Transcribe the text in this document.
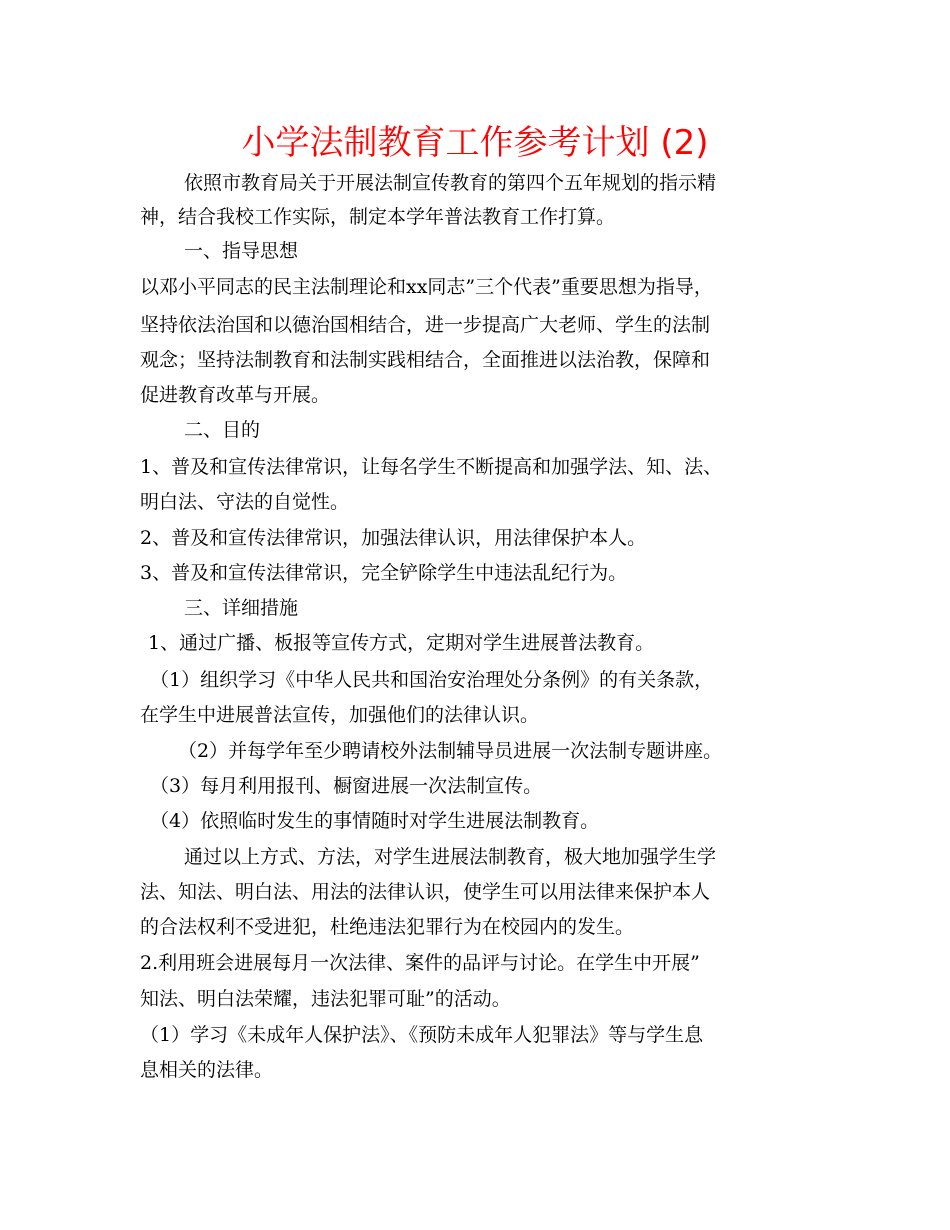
小学法制教育工作参考计划 (2)
依照市教育局关于开展法制宣传教育的第四个五年规划的指示精
神，结合我校工作实际，制定本学年普法教育工作打算。
一、指导思想
以邓小平同志的民主法制理论和xx同志”三个代表”重要思想为指导，
坚持依法治国和以德治国相结合，进一步提高广大老师、学生的法制
观念；坚持法制教育和法制实践相结合，全面推进以法治教，保障和
促进教育改革与开展。
二、目的
1、普及和宣传法律常识，让每名学生不断提高和加强学法、知、法、
明白法、守法的自觉性。
2、普及和宣传法律常识，加强法律认识，用法律保护本人。
3、普及和宣传法律常识，完全铲除学生中违法乱纪行为。
三、详细措施
1、通过广播、板报等宣传方式，定期对学生进展普法教育。
（1）组织学习《中华人民共和国治安治理处分条例》的有关条款，
在学生中进展普法宣传，加强他们的法律认识。
（2）并每学年至少聘请校外法制辅导员进展一次法制专题讲座。
（3）每月利用报刊、橱窗进展一次法制宣传。
（4）依照临时发生的事情随时对学生进展法制教育。
通过以上方式、方法，对学生进展法制教育，极大地加强学生学
法、知法、明白法、用法的法律认识，使学生可以用法律来保护本人
的合法权利不受进犯，杜绝违法犯罪行为在校园内的发生。
2.利用班会进展每月一次法律、案件的品评与讨论。在学生中开展”
知法、明白法荣耀，违法犯罪可耻”的活动。
（1）学习《未成年人保护法》、《预防未成年人犯罪法》等与学生息
息相关的法律。
